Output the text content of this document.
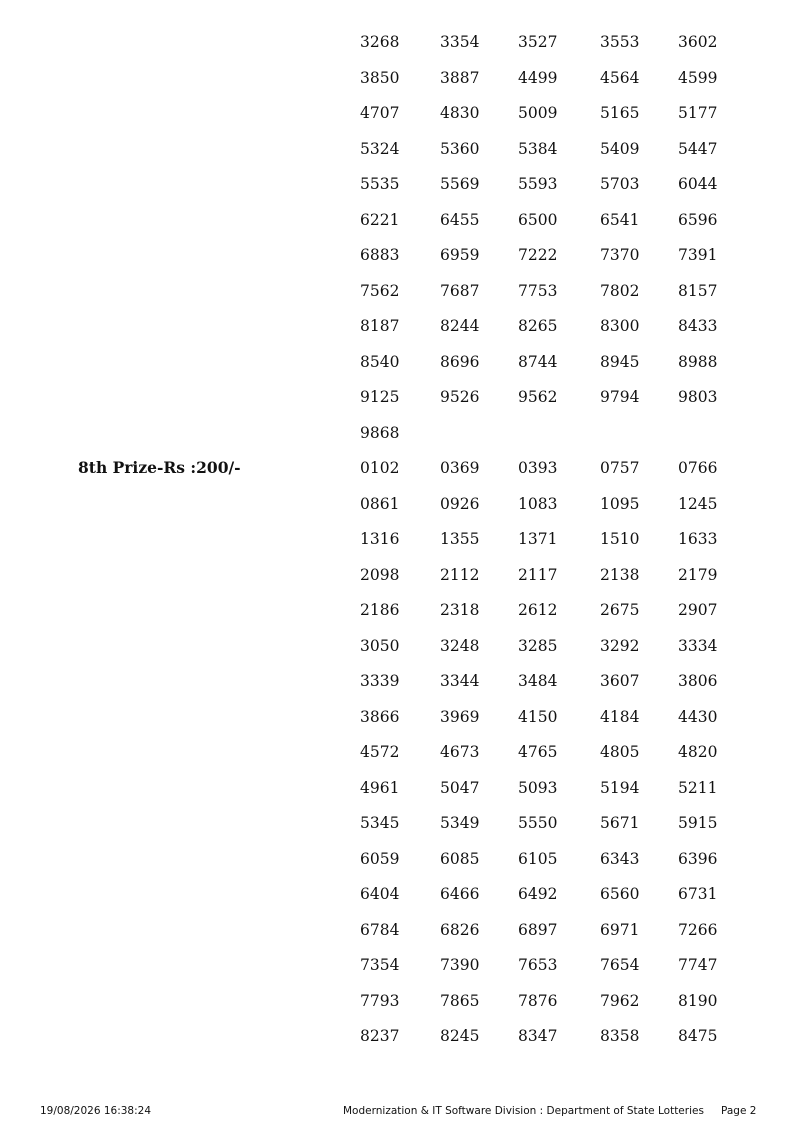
3268	3354 3527	3553 3602
3850	3887 4499	4564 4599
4707	4830 5009	5165 5177
5324	5360 5384	5409 5447
5535	5569 5593	5703 6044
6221	6455 6500	6541 6596
6883	6959 7222	7370 7391
7562	7687 7753	7802 8157
8187	8244 8265	8300 8433
8540	8696 8744	8945 8988
9125	9526 9562	9794 9803
9868
8th Prize-Rs :200/-	0102	0369 0393	0757 0766
0861	0926 1083	1095 1245
1316	1355 1371	1510 1633
2098	2112 2117	2138 2179
2186	2318 2612	2675 2907
3050	3248 3285	3292 3334
3339	3344 3484	3607 3806
3866	3969 4150	4184 4430
4572	4673 4765	4805 4820
4961	5047 5093	5194 5211
5345	5349 5550	5671 5915
6059	6085 6105	6343 6396
6404	6466 6492	6560 6731
6784	6826 6897	6971 7266
7354	7390 7653	7654 7747
7793	7865 7876	7962 8190
8237	8245 8347	8358 8475
19/08/2026 16:38:24	Modernization & IT Software Division : Department of State Lotteries Page 2
